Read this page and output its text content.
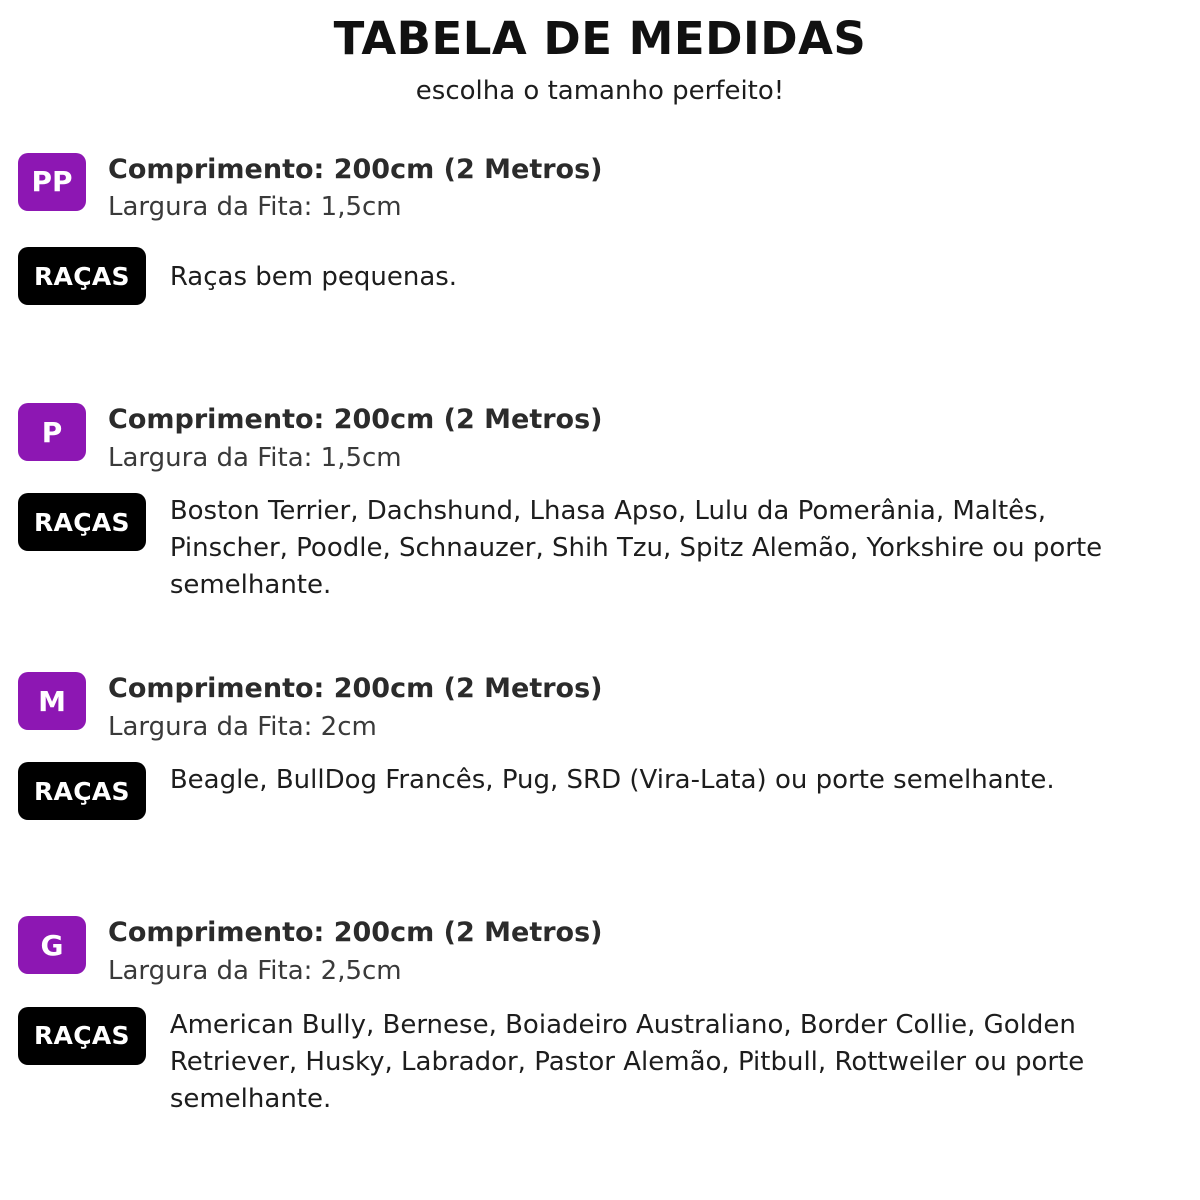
TABELA DE MEDIDAS

escolha o tamanho perfeito!

PP	Comprimento: 200cm (2 Metros)
Largura da Fita: 1,5cm
RAÇAS	Raças bem pequenas.
P	Comprimento: 200cm (2 Metros)
Largura da Fita: 1,5cm
RAÇAS	Boston Terrier, Dachshund, Lhasa Apso, Lulu da Pomerânia, Maltês, Pinscher, Poodle, Schnauzer, Shih Tzu, Spitz Alemão, Yorkshire ou porte semelhante.
M	Comprimento: 200cm (2 Metros)
Largura da Fita: 2cm
RAÇAS	Beagle, BullDog Francês, Pug, SRD (Vira-Lata) ou porte semelhante.
G	Comprimento: 200cm (2 Metros)
Largura da Fita: 2,5cm
RAÇAS	American Bully, Bernese, Boiadeiro Australiano, Border Collie, Golden Retriever, Husky, Labrador, Pastor Alemão, Pitbull, Rottweiler ou porte semelhante.
